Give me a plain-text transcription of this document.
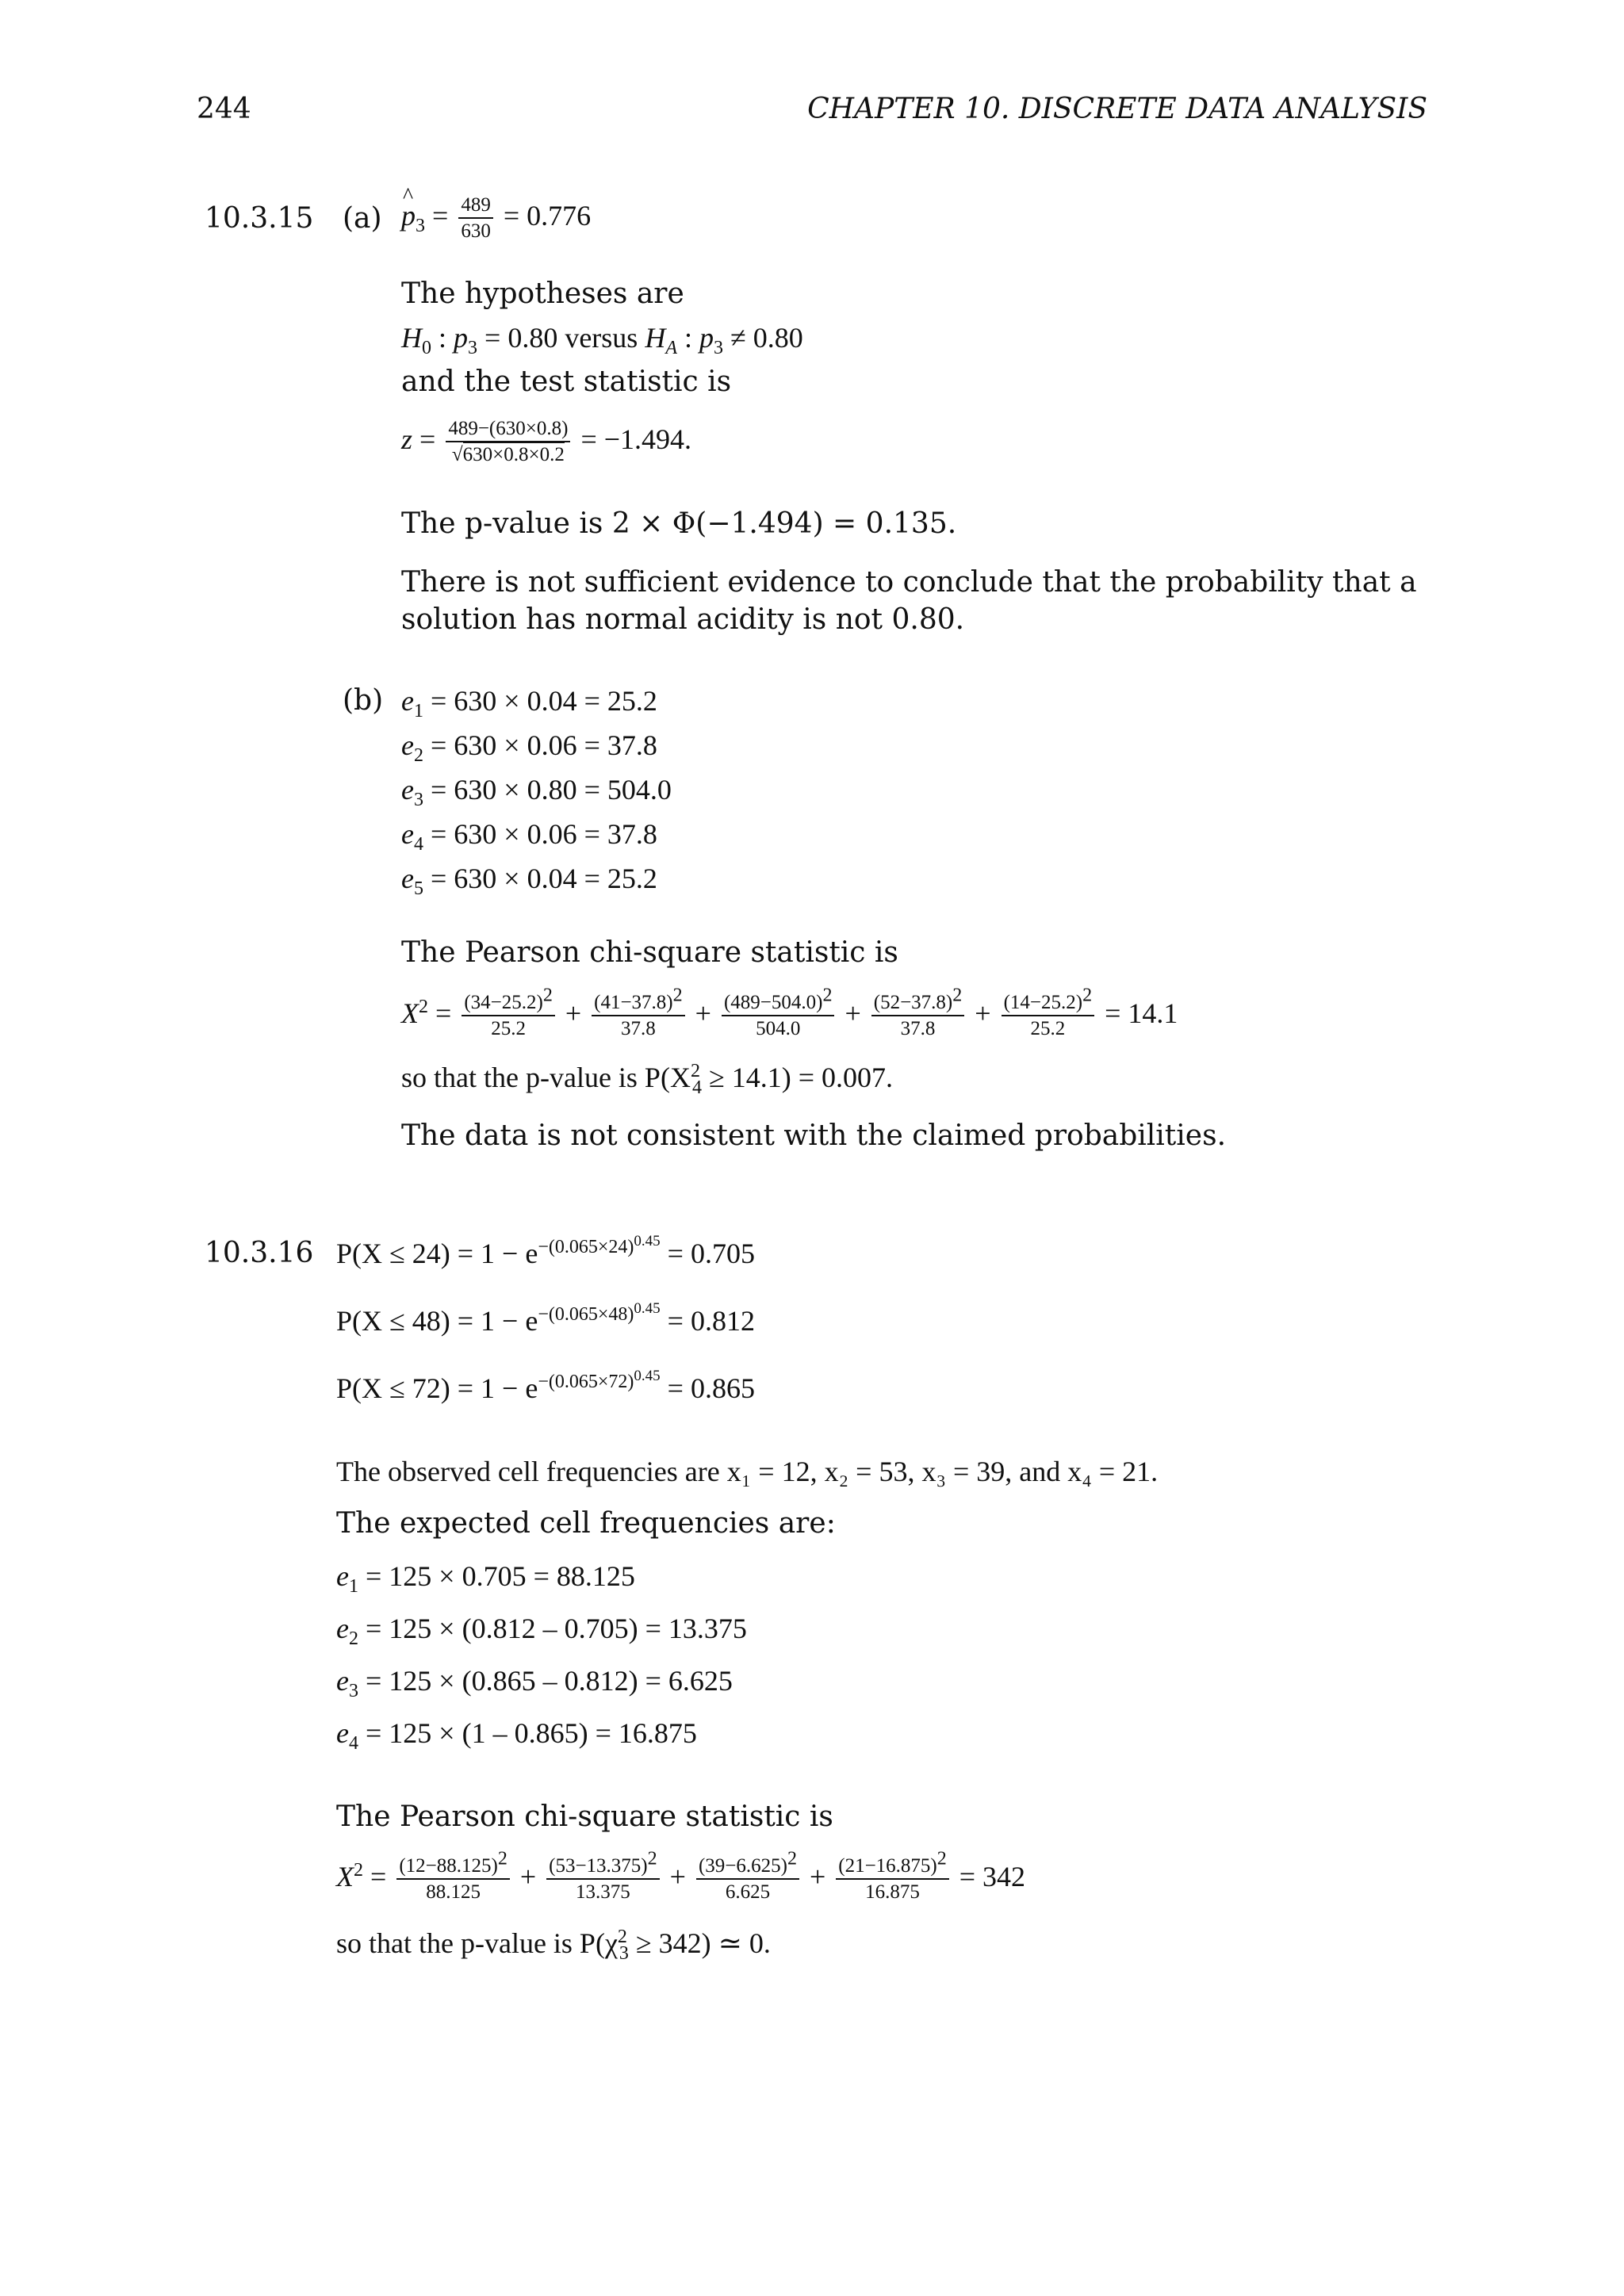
244	CHAPTER 10. DISCRETE DATA ANALYSIS
10.3.15 (a)
^ $p_3 = \frac{489}{630} = 0.776$
The hypotheses are
$H_0$ : $p_3 = 0.80$ versus $H_A$ : $p_3 \ne 0.80$
and the test statistic is
$z = \frac{489-(630\times 0.8)}{√630\times 0.8\times 0.2} = -1.494$.
The p-value is 2 × Φ(−1.494) = 0.135.
There is not sufficient evidence to conclude that the probability that a solution has normal acidity is not 0.80.
(b) $e_1 = 630 \times 0.04 = 25.2$
$e_2 = 630 \times 0.06 = 37.8$
$e_3 = 630 \times 0.80 = 504.0$
$e_4 = 630 \times 0.06 = 37.8$
$e_5 = 630 \times 0.04 = 25.2$
The Pearson chi-square statistic is
$X^2 = \frac{(34-25.2)^2}{25.2} + \frac{(41-37.8)^2}{37.8} + \frac{(489-504.0)^2}{504.0} + \frac{(52-37.8)^2}{37.8} + \frac{(14-25.2)^2}{25.2} = 14.1$
so that the p-value is $P(X^2_4 \ge 14.1) = 0.007$.
The data is not consistent with the claimed probabilities.
10.3.16 $P(X \le 24) = 1 - e^{-(0.065\times 24)^{0.45}} = 0.705$
$P(X \le 48) = 1 - e^{-(0.065\times 48)^{0.45}} = 0.812$
$P(X \le 72) = 1 - e^{-(0.065\times 72)^{0.45}} = 0.865$
The observed cell frequencies are x₁ = 12, x₂ = 53, x₃ = 39, and x₄ = 21.
The expected cell frequencies are:
$e_1 = 125 \times 0.705 = 88.125$
$e_2 = 125 \times (0.812 - 0.705) = 13.375$
$e_3 = 125 \times (0.865 - 0.812) = 6.625$
$e_4 = 125 \times (1 - 0.865) = 16.875$
The Pearson chi-square statistic is
$X^2 = \frac{(12-88.125)^2}{88.125} + \frac{(53-13.375)^2}{13.375} + \frac{(39-6.625)^2}{6.625} + \frac{(21-16.875)^2}{16.875} = 342$
so that the p-value is $P(\chi^2_3 \ge 342)$ ≃ 0.
